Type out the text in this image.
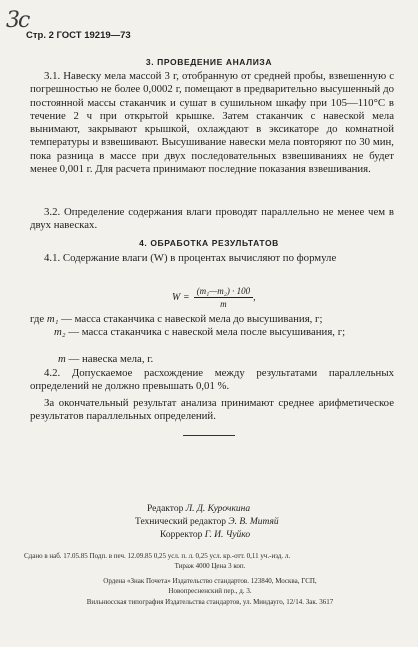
3c
Стр. 2 ГОСТ 19219—73
3. ПРОВЕДЕНИЕ АНАЛИЗА

3.1. Навеску мела массой 3 г, отобранную от средней пробы, взвешенную с погрешностью не более 0,0002 г, помещают в предварительно высушенный до постоянной массы стаканчик и сушат в сушильном шкафу при 105—110°С в течение 2 ч при открытой крышке. Затем стаканчик с навеской мела вынимают, закрывают крышкой, охлаждают в эксикаторе до комнатной температуры и взвешивают. Высушивание навески мела повторяют по 30 мин, пока разница в массе при двух последовательных взвешиваниях не будет менее 0,001 г. Для расчета принимают последние показания взвешивания.

3.2. Определение содержания влаги проводят параллельно не менее чем в двух навесках.

4. ОБРАБОТКА РЕЗУЛЬТАТОВ

4.1. Содержание влаги (W) в процентах вычисляют по формуле

$W = \frac{\text{(m₁—m₂) · 100}}{m}$ ,
где m₁ — масса стаканчика с навеской мела до высушивания, г;
m₂ — масса стаканчика с навеской мела после высушивания, г;
m — навеска мела, г.

4.2. Допускаемое расхождение между результатами параллельных определений не должно превышать 0,01 %.

За окончательный результат анализа принимают среднее арифметическое результатов параллельных определений.

Редактор Л. Д. Курочкина
Технический редактор Э. В. Митяй
Корректор Г. И. Чуйко

Сдано в наб. 17.05.85 Подп. в печ. 12.09.85 0,25 усл. п. л. 0,25 усл. кр.-отт. 0,11 уч.-изд. л.

Тираж 4000 Цена 3 коп.

Ордена «Знак Почета» Издательство стандартов. 123840, Москва, ГСП,

Новопресненский пер., д. 3.

Вильнюсская типография Издательства стандартов, ул. Миндауго, 12/14. Зак. 3617
